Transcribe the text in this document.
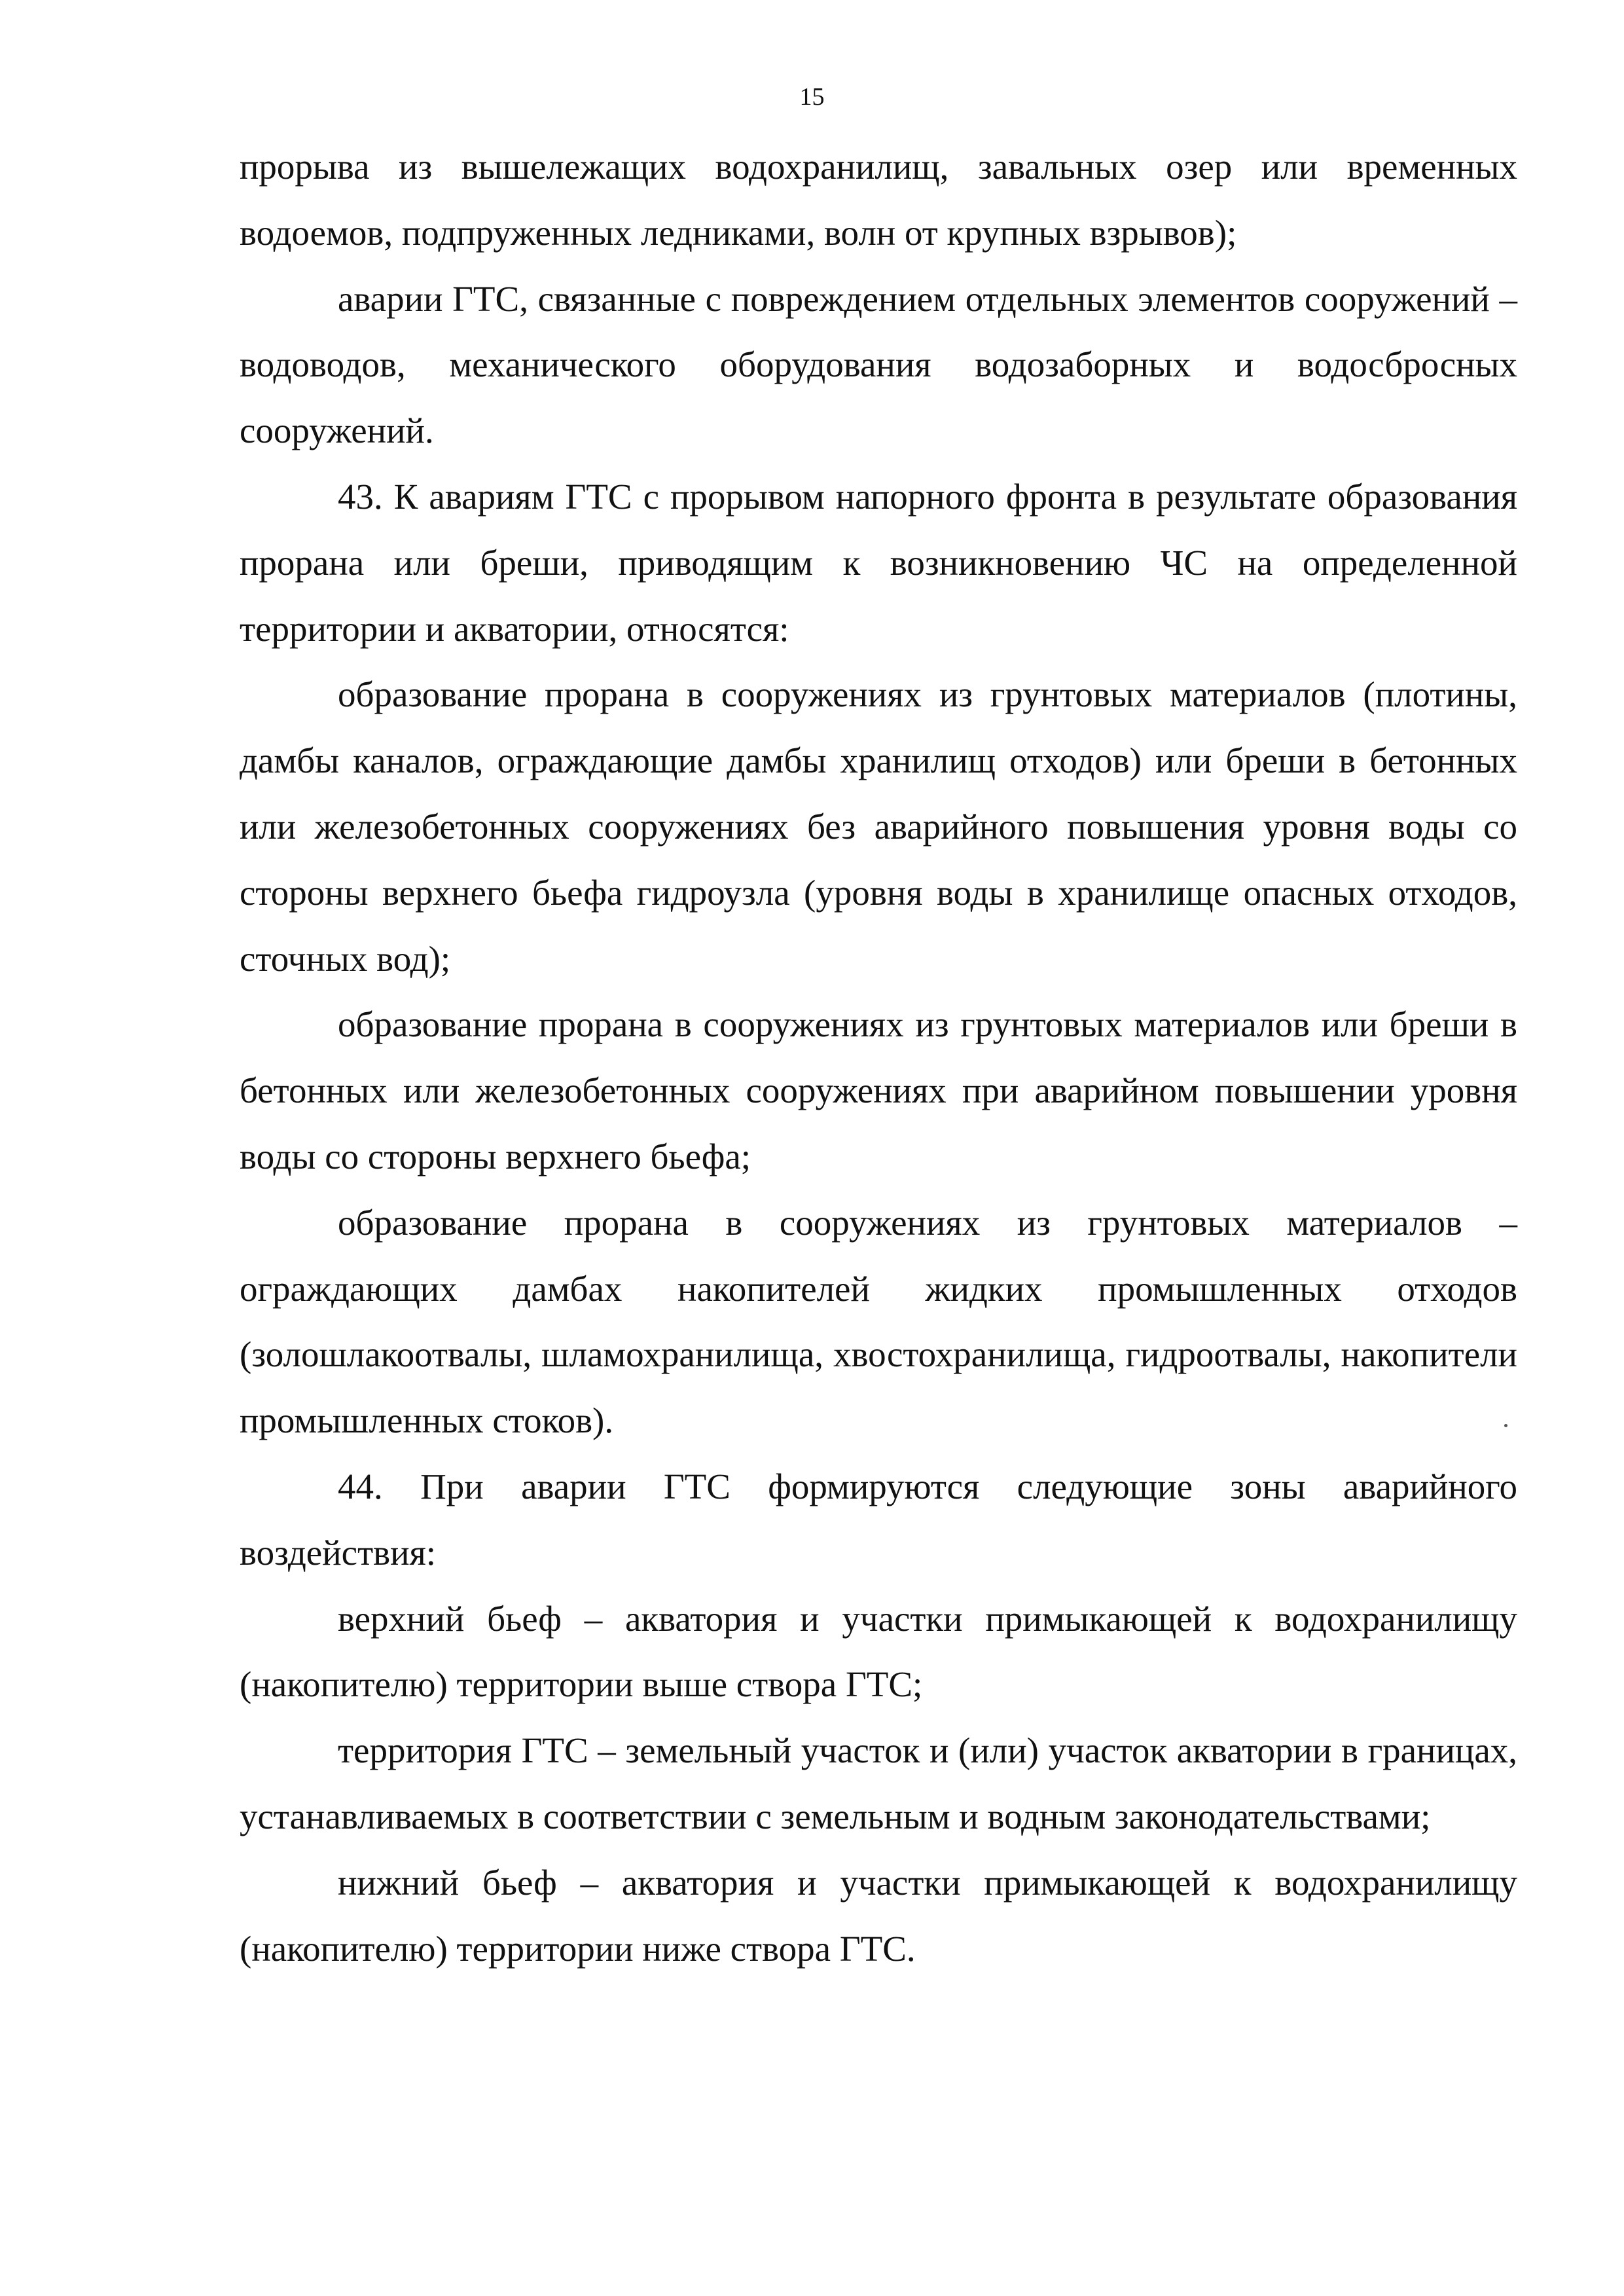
15

прорыва из вышележащих водохранилищ, завальных озер или временных водоемов, подпруженных ледниками, волн от крупных взрывов);

аварии ГТС, связанные с повреждением отдельных элементов сооружений – водоводов, механического оборудования водозаборных и водосбросных сооружений.

43. К авариям ГТС с прорывом напорного фронта в результате образования прорана или бреши, приводящим к возникновению ЧС на определенной территории и акватории, относятся:

образование прорана в сооружениях из грунтовых материалов (плотины, дамбы каналов, ограждающие дамбы хранилищ отходов) или бреши в бетонных или железобетонных сооружениях без аварийного повышения уровня воды со стороны верхнего бьефа гидроузла (уровня воды в хранилище опасных отходов, сточных вод);

образование прорана в сооружениях из грунтовых материалов или бреши в бетонных или железобетонных сооружениях при аварийном повышении уровня воды со стороны верхнего бьефа;

образование прорана в сооружениях из грунтовых материалов – ограждающих дамбах накопителей жидких промышленных отходов (золошлакоотвалы, шламохранилища, хвостохранилища, гидроотвалы, накопители промышленных стоков).

44. При аварии ГТС формируются следующие зоны аварийного воздействия:

верхний бьеф – акватория и участки примыкающей к водохранилищу (накопителю) территории выше створа ГТС;

территория ГТС – земельный участок и (или) участок акватории в границах, устанавливаемых в соответствии с земельным и водным законодательствами;

нижний бьеф – акватория и участки примыкающей к водохранилищу (накопителю) территории ниже створа ГТС.
